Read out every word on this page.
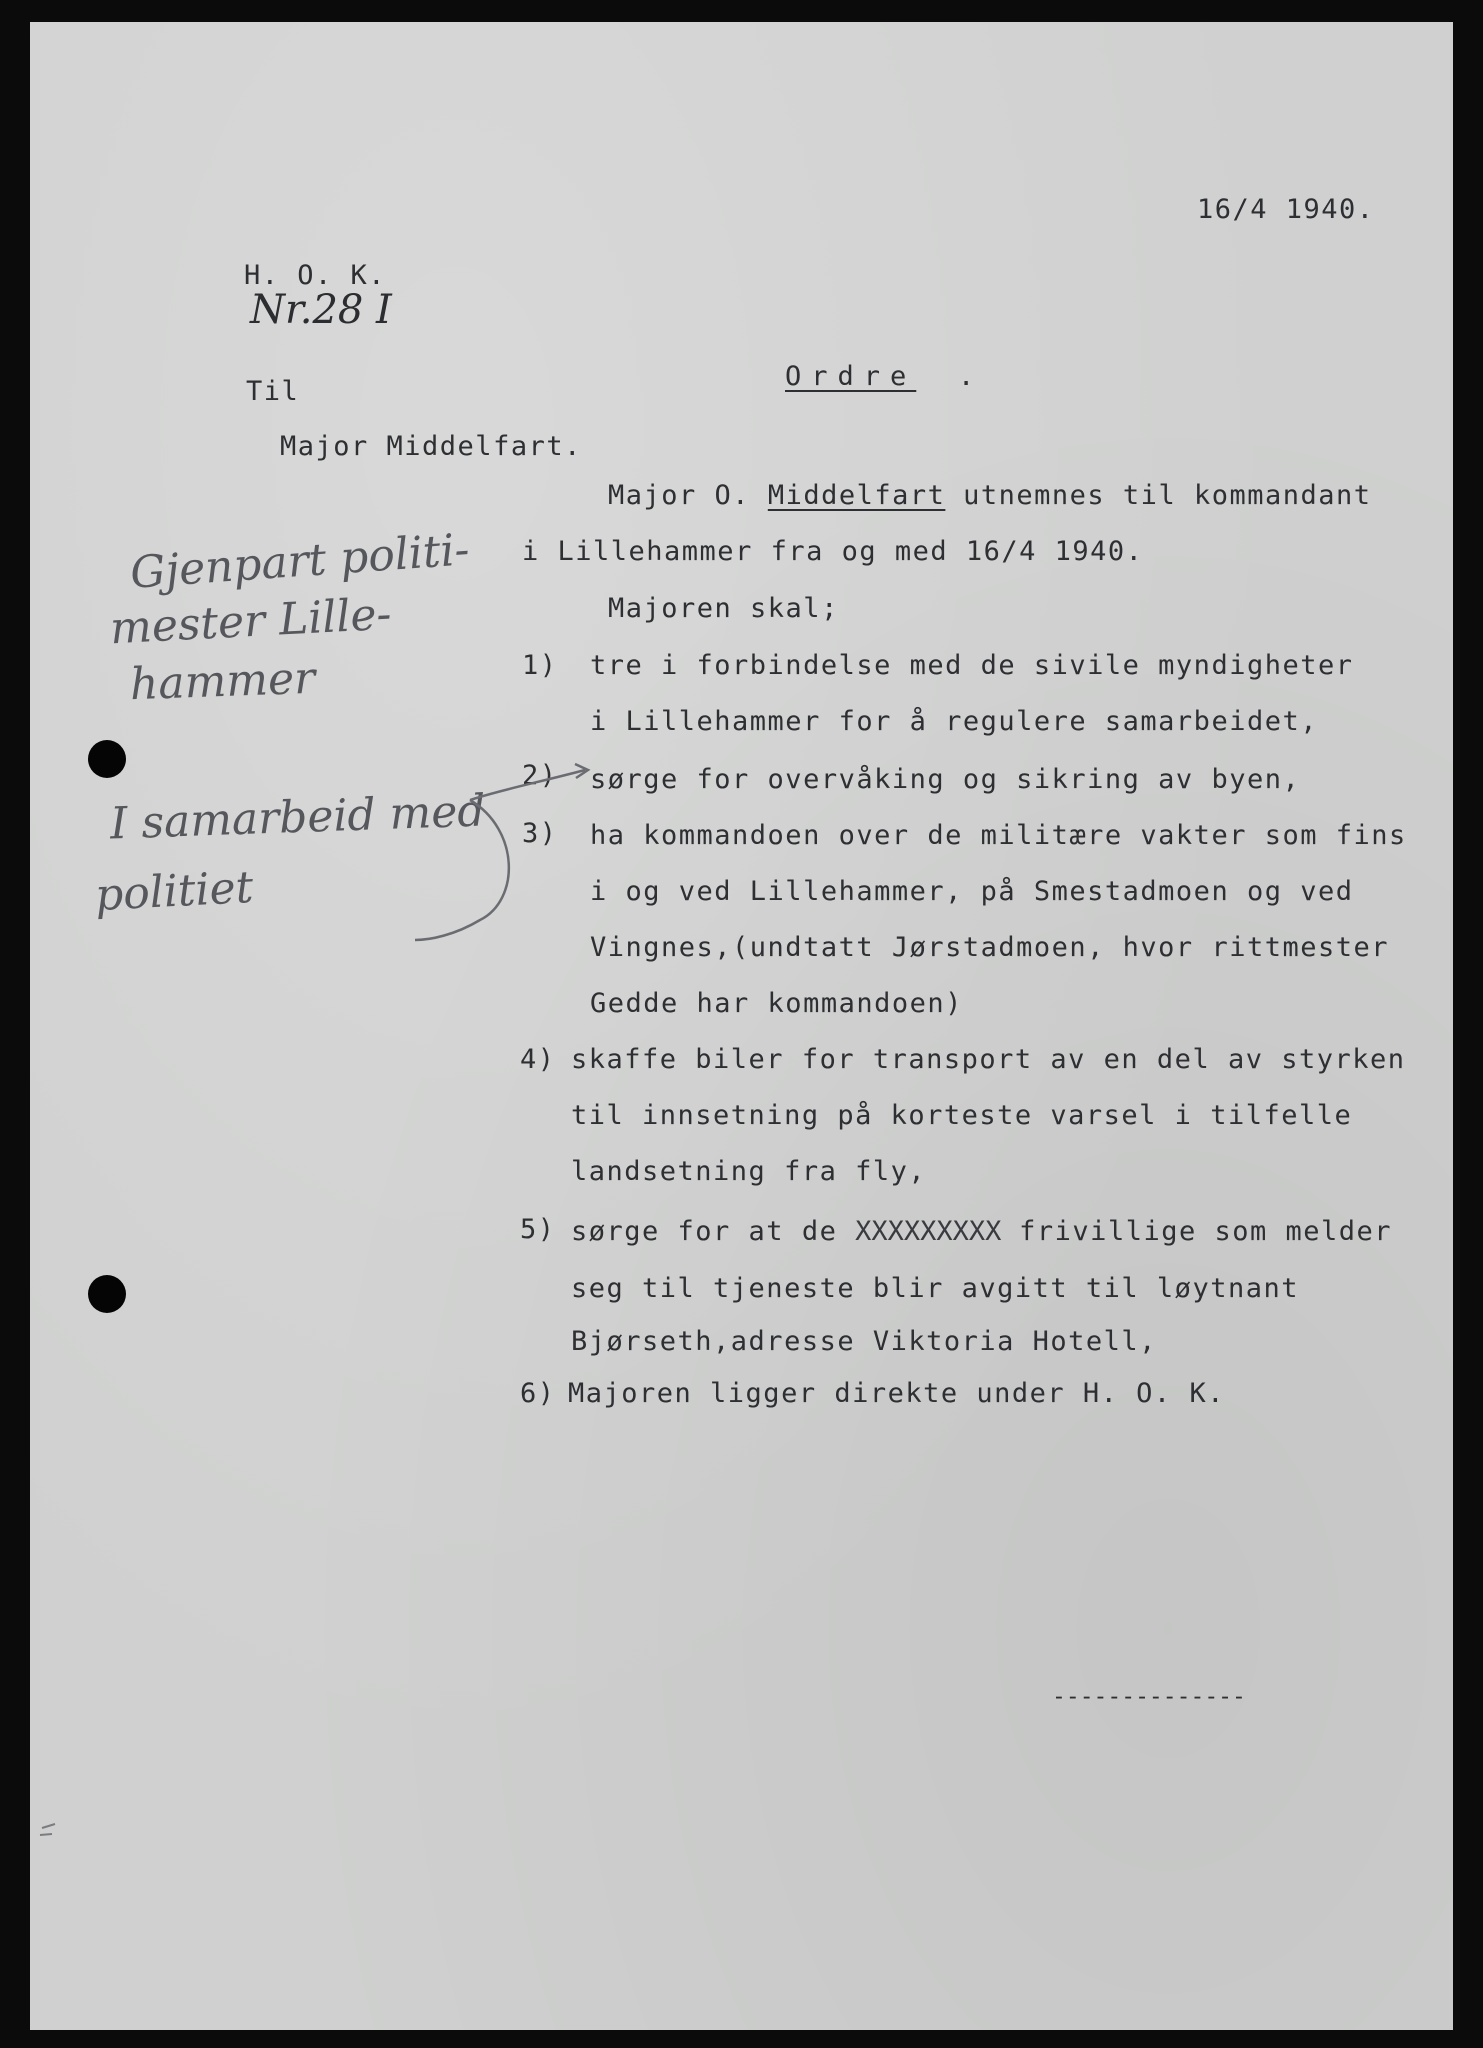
16/4 1940.
H. O. K.
Nr.28 I
Til
Major Middelfart.
Ordre .
Major O. Middelfart utnemnes til kommandant
i Lillehammer fra og med 16/4 1940.
Majoren skal;
1) tre i forbindelse med de sivile myndigheter
i Lillehammer for å regulere samarbeidet,
2) sørge for overvåking og sikring av byen,
3) ha kommandoen over de militære vakter som fins
i og ved Lillehammer, på Smestadmoen og ved
Vingnes,(undtatt Jørstadmoen, hvor rittmester
Gedde har kommandoen)
4) skaffe biler for transport av en del av styrken
til innsetning på korteste varsel i tilfelle
landsetning fra fly,
5) sørge for at de XXXXXXXXX frivillige som melder
seg til tjeneste blir avgitt til løytnant
Bjørseth,adresse Viktoria Hotell,
6) Majoren ligger direkte under H. O. K.
--------------
Gjenpart politi-
mester Lille-
hammer
I samarbeid med
politiet
